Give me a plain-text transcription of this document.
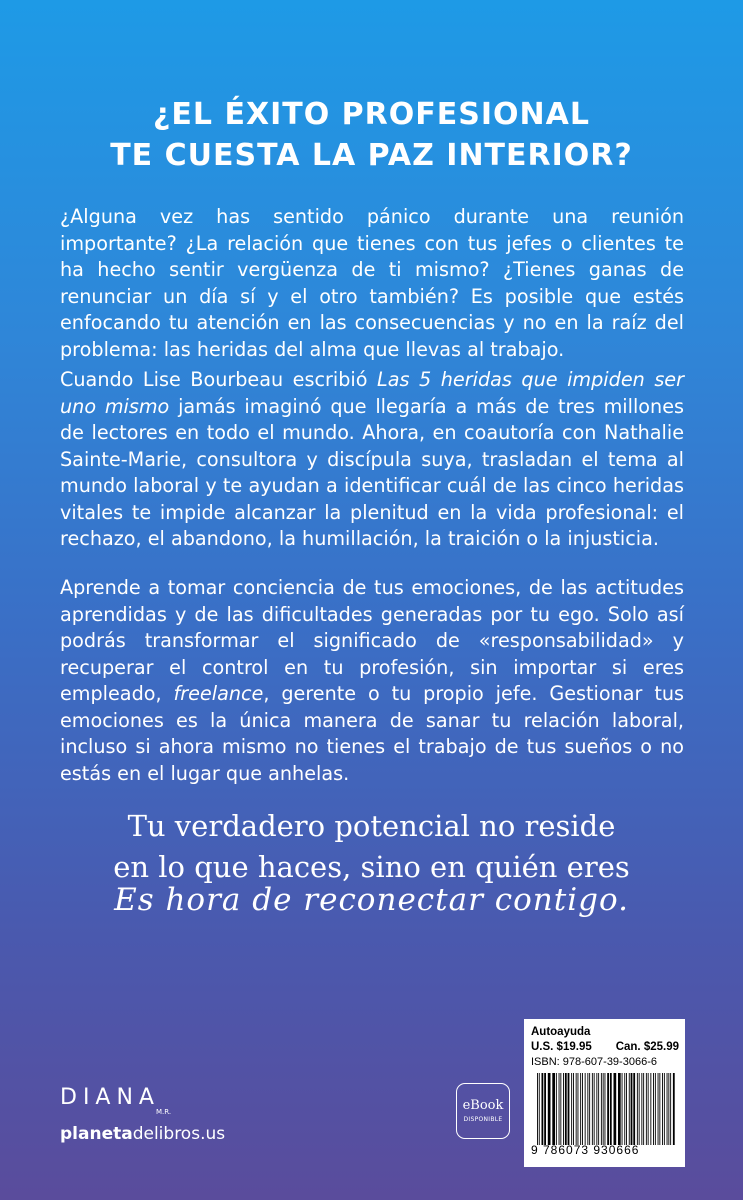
¿EL ÉXITO PROFESIONAL
TE CUESTA LA PAZ INTERIOR?

¿Alguna vez has sentido pánico durante una reunión importante? ¿La relación que tienes con tus jefes o clientes te ha hecho sentir vergüenza de ti mismo? ¿Tienes ganas de renunciar un día sí y el otro también? Es posible que estés enfocando tu atención en las consecuencias y no en la raíz del problema: las heridas del alma que llevas al trabajo.

Cuando Lise Bourbeau escribió Las 5 heridas que impiden ser uno mismo jamás imaginó que llegaría a más de tres millones de lectores en todo el mundo. Ahora, en coautoría con Nathalie Sainte-Marie, consultora y discípula suya, trasladan el tema al mundo laboral y te ayudan a identificar cuál de las cinco heridas vitales te impide alcanzar la plenitud en la vida profesional: el rechazo, el abandono, la humillación, la traición o la injusticia.

Aprende a tomar conciencia de tus emociones, de las actitudes aprendidas y de las dificultades generadas por tu ego. Solo así podrás transformar el significado de «responsabilidad» y recuperar el control en tu profesión, sin importar si eres empleado, freelance, gerente o tu propio jefe. Gestionar tus emociones es la única manera de sanar tu relación laboral, incluso si ahora mismo no tienes el trabajo de tus sueños o no estás en el lugar que anhelas.

Tu verdadero potencial no reside
en lo que haces, sino en quién eres
Es hora de reconectar contigo.
$DIANA_{M.R.}$
planetadelibros.us
eBook
DISPONIBLE
Autoayuda
U.S. $19.95 Can. $25.99
ISBN: 978-607-39-3066-6
9 786073 930666
